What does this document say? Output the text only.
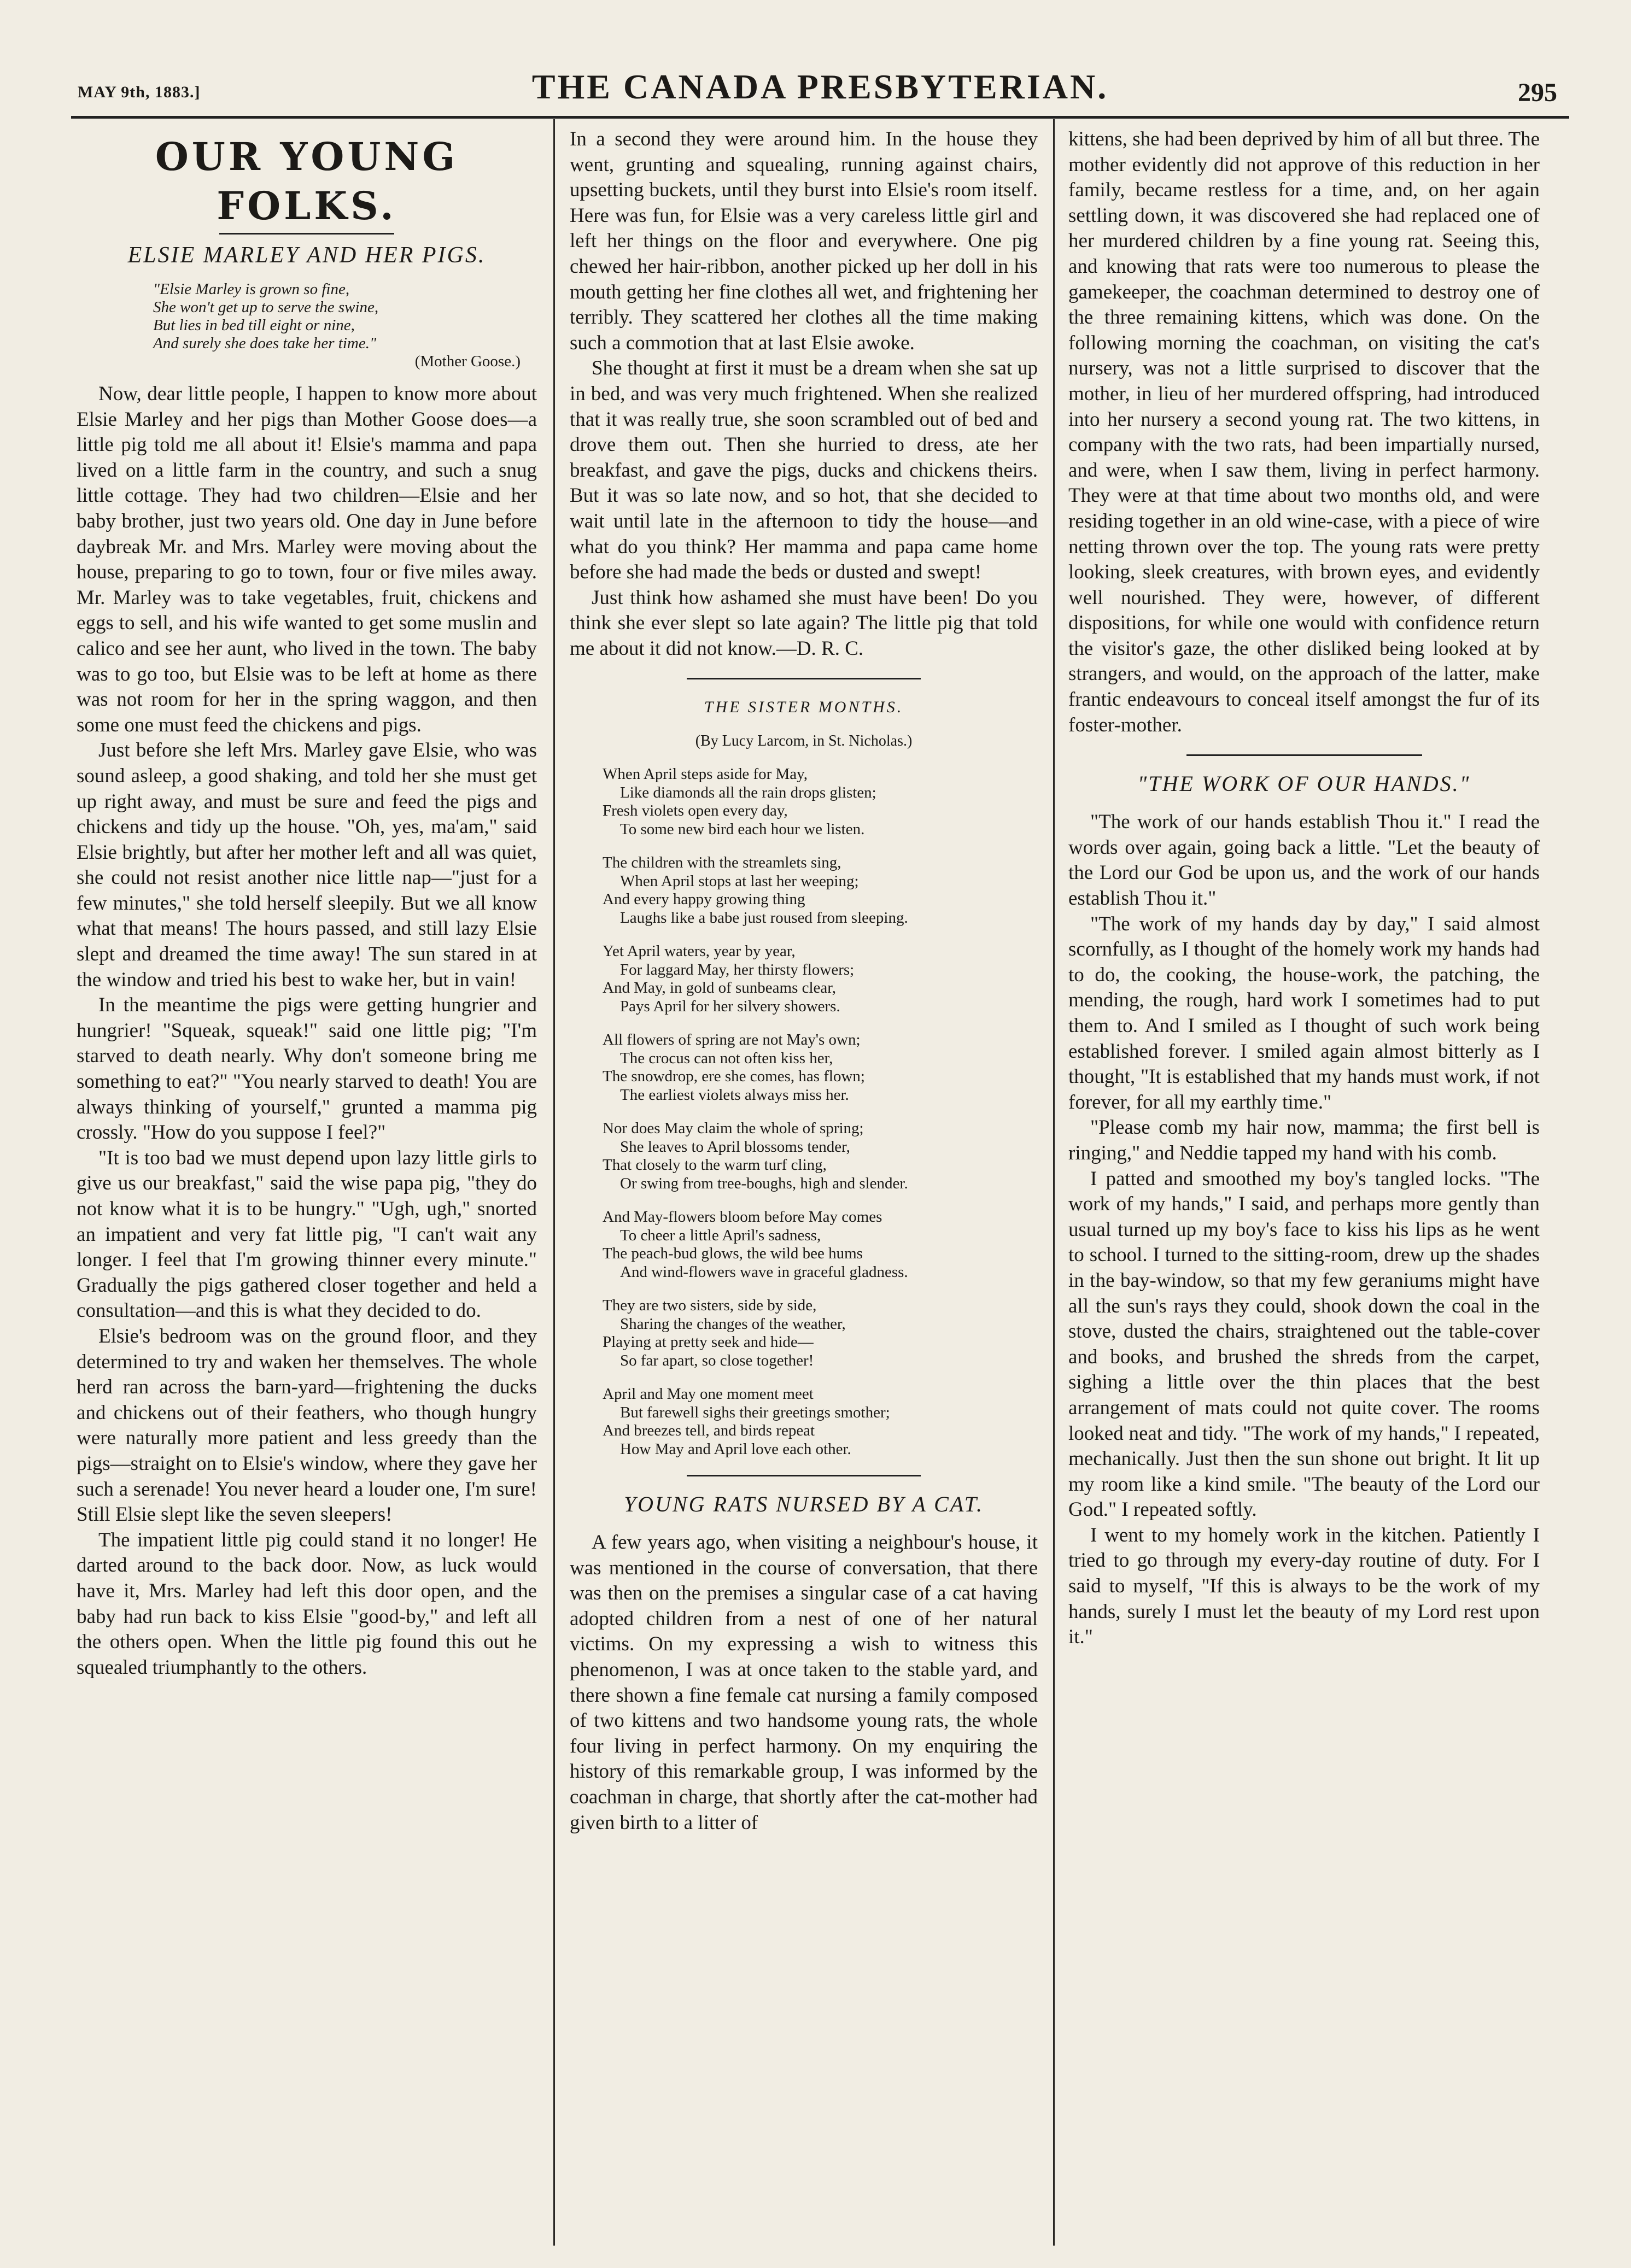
MAY 9th, 1883.]	THE CANADA PRESBYTERIAN.	295
OUR YOUNG FOLKS.
ELSIE MARLEY AND HER PIGS.
"Elsie Marley is grown so fine,
She won't get up to serve the swine,
But lies in bed till eight or nine,
And surely she does take her time."
(Mother Goose.)

Now, dear little people, I happen to know more about Elsie Marley and her pigs than Mother Goose does—a little pig told me all about it! Elsie's mamma and papa lived on a little farm in the country, and such a snug little cottage. They had two children—Elsie and her baby brother, just two years old. One day in June before daybreak Mr. and Mrs. Marley were moving about the house, preparing to go to town, four or five miles away. Mr. Marley was to take vegetables, fruit, chickens and eggs to sell, and his wife wanted to get some muslin and calico and see her aunt, who lived in the town. The baby was to go too, but Elsie was to be left at home as there was not room for her in the spring waggon, and then some one must feed the chickens and pigs.

Just before she left Mrs. Marley gave Elsie, who was sound asleep, a good shaking, and told her she must get up right away, and must be sure and feed the pigs and chickens and tidy up the house. "Oh, yes, ma'am," said Elsie brightly, but after her mother left and all was quiet, she could not resist another nice little nap—"just for a few minutes," she told herself sleepily. But we all know what that means! The hours passed, and still lazy Elsie slept and dreamed the time away! The sun stared in at the window and tried his best to wake her, but in vain!

In the meantime the pigs were getting hungrier and hungrier! "Squeak, squeak!" said one little pig; "I'm starved to death nearly. Why don't someone bring me something to eat?" "You nearly starved to death! You are always thinking of yourself," grunted a mamma pig crossly. "How do you suppose I feel?"

"It is too bad we must depend upon lazy little girls to give us our breakfast," said the wise papa pig, "they do not know what it is to be hungry." "Ugh, ugh," snorted an impatient and very fat little pig, "I can't wait any longer. I feel that I'm growing thinner every minute." Gradually the pigs gathered closer together and held a consultation—and this is what they decided to do.

Elsie's bedroom was on the ground floor, and they determined to try and waken her themselves. The whole herd ran across the barn-yard—frightening the ducks and chickens out of their feathers, who though hungry were naturally more patient and less greedy than the pigs—straight on to Elsie's window, where they gave her such a serenade! You never heard a louder one, I'm sure! Still Elsie slept like the seven sleepers!

The impatient little pig could stand it no longer! He darted around to the back door. Now, as luck would have it, Mrs. Marley had left this door open, and the baby had run back to kiss Elsie "good-by," and left all the others open. When the little pig found this out he squealed triumphantly to the others.

In a second they were around him. In the house they went, grunting and squealing, running against chairs, upsetting buckets, until they burst into Elsie's room itself. Here was fun, for Elsie was a very careless little girl and left her things on the floor and everywhere. One pig chewed her hair-ribbon, another picked up her doll in his mouth getting her fine clothes all wet, and frightening her terribly. They scattered her clothes all the time making such a commotion that at last Elsie awoke.

She thought at first it must be a dream when she sat up in bed, and was very much frightened. When she realized that it was really true, she soon scrambled out of bed and drove them out. Then she hurried to dress, ate her breakfast, and gave the pigs, ducks and chickens theirs. But it was so late now, and so hot, that she decided to wait until late in the afternoon to tidy the house—and what do you think? Her mamma and papa came home before she had made the beds or dusted and swept!

Just think how ashamed she must have been! Do you think she ever slept so late again? The little pig that told me about it did not know.—D. R. C.

THE SISTER MONTHS.
(By Lucy Larcom, in St. Nicholas.)
When April steps aside for May,
Like diamonds all the rain drops glisten;
Fresh violets open every day,
To some new bird each hour we listen.
The children with the streamlets sing,
When April stops at last her weeping;
And every happy growing thing
Laughs like a babe just roused from sleeping.
Yet April waters, year by year,
For laggard May, her thirsty flowers;
And May, in gold of sunbeams clear,
Pays April for her silvery showers.
All flowers of spring are not May's own;
The crocus can not often kiss her,
The snowdrop, ere she comes, has flown;
The earliest violets always miss her.
Nor does May claim the whole of spring;
She leaves to April blossoms tender,
That closely to the warm turf cling,
Or swing from tree-boughs, high and slender.
And May-flowers bloom before May comes
To cheer a little April's sadness,
The peach-bud glows, the wild bee hums
And wind-flowers wave in graceful gladness.
They are two sisters, side by side,
Sharing the changes of the weather,
Playing at pretty seek and hide—
So far apart, so close together!
April and May one moment meet
But farewell sighs their greetings smother;
And breezes tell, and birds repeat
How May and April love each other.
YOUNG RATS NURSED BY A CAT.

A few years ago, when visiting a neighbour's house, it was mentioned in the course of conversation, that there was then on the premises a singular case of a cat having adopted children from a nest of one of her natural victims. On my expressing a wish to witness this phenomenon, I was at once taken to the stable yard, and there shown a fine female cat nursing a family composed of two kittens and two handsome young rats, the whole four living in perfect harmony. On my enquiring the history of this remarkable group, I was informed by the coachman in charge, that shortly after the cat-mother had given birth to a litter of

kittens, she had been deprived by him of all but three. The mother evidently did not approve of this reduction in her family, became restless for a time, and, on her again settling down, it was discovered she had replaced one of her murdered children by a fine young rat. Seeing this, and knowing that rats were too numerous to please the gamekeeper, the coachman determined to destroy one of the three remaining kittens, which was done. On the following morning the coachman, on visiting the cat's nursery, was not a little surprised to discover that the mother, in lieu of her murdered offspring, had introduced into her nursery a second young rat. The two kittens, in company with the two rats, had been impartially nursed, and were, when I saw them, living in perfect harmony. They were at that time about two months old, and were residing together in an old wine-case, with a piece of wire netting thrown over the top. The young rats were pretty looking, sleek creatures, with brown eyes, and evidently well nourished. They were, however, of different dispositions, for while one would with confidence return the visitor's gaze, the other disliked being looked at by strangers, and would, on the approach of the latter, make frantic endeavours to conceal itself amongst the fur of its foster-mother.

"THE WORK OF OUR HANDS."

"The work of our hands establish Thou it." I read the words over again, going back a little. "Let the beauty of the Lord our God be upon us, and the work of our hands establish Thou it."

"The work of my hands day by day," I said almost scornfully, as I thought of the homely work my hands had to do, the cooking, the house-work, the patching, the mending, the rough, hard work I sometimes had to put them to. And I smiled as I thought of such work being established forever. I smiled again almost bitterly as I thought, "It is established that my hands must work, if not forever, for all my earthly time."

"Please comb my hair now, mamma; the first bell is ringing," and Neddie tapped my hand with his comb.

I patted and smoothed my boy's tangled locks. "The work of my hands," I said, and perhaps more gently than usual turned up my boy's face to kiss his lips as he went to school. I turned to the sitting-room, drew up the shades in the bay-window, so that my few geraniums might have all the sun's rays they could, shook down the coal in the stove, dusted the chairs, straightened out the table-cover and books, and brushed the shreds from the carpet, sighing a little over the thin places that the best arrangement of mats could not quite cover. The rooms looked neat and tidy. "The work of my hands," I repeated, mechanically. Just then the sun shone out bright. It lit up my room like a kind smile. "The beauty of the Lord our God." I repeated softly.

I went to my homely work in the kitchen. Patiently I tried to go through my every-day routine of duty. For I said to myself, "If this is always to be the work of my hands, surely I must let the beauty of my Lord rest upon it."
